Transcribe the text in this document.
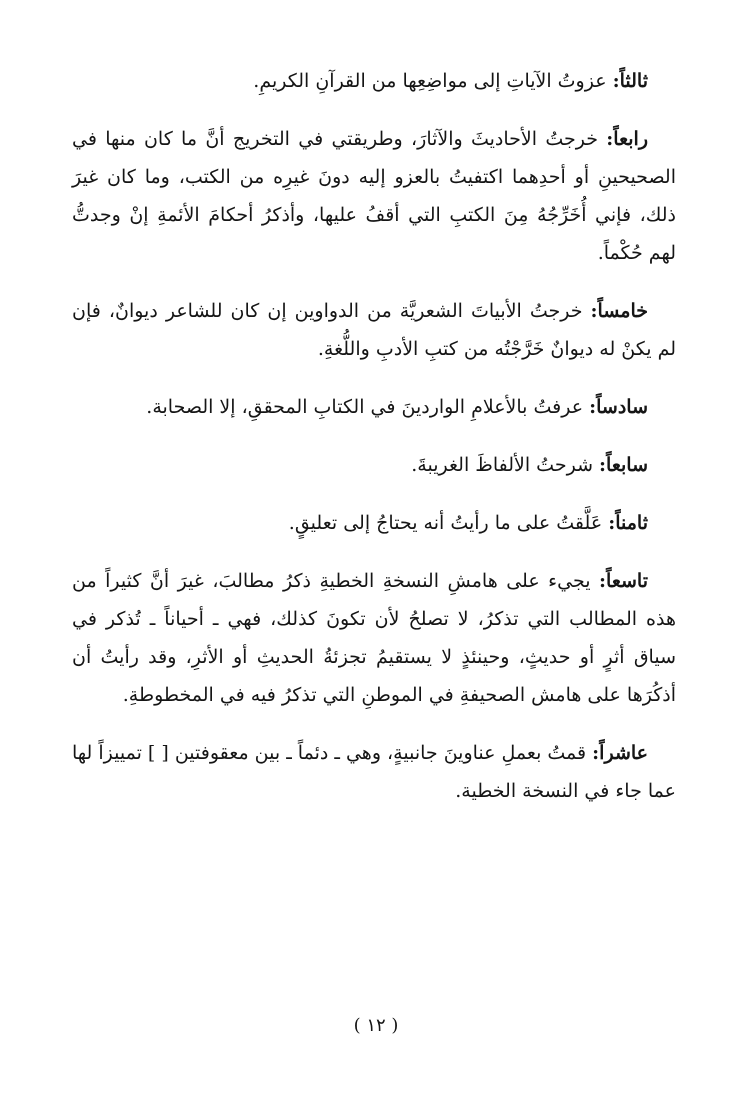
ثالثاً: عزوتُ الآياتِ إلى مواضِعِها من القرآنِ الكريمِ.

رابعاً: خرجتُ الأحاديثَ والآثارَ، وطريقتي في التخريج أنَّ ما كان منها في الصحيحينِ أو أحدِهما اكتفيتُ بالعزو إليه دونَ غيرِه من الكتب، وما كان غيرَ ذلك، فإني أُخَرِّجُهُ مِنَ الكتبِ التي أقفُ عليها، وأذكرُ أحكامَ الأئمةِ إنْ وجدتُّ لهم حُكْماً.

خامساً: خرجتُ الأبياتَ الشعريَّة من الدواوين إن كان للشاعر ديوانٌ، فإن لم يكنْ له ديوانٌ خَرَّجْتُه من كتبِ الأدبِ واللُّغةِ.

سادساً: عرفتُ بالأعلامِ الواردينَ في الكتابِ المحققِ، إلا الصحابة.

سابعاً: شرحتُ الألفاظَ الغريبةَ.

ثامناً: عَلَّقتُ على ما رأيتُ أنه يحتاجُ إلى تعليقٍ.

تاسعاً: يجيء على هامشِ النسخةِ الخطيةِ ذكرُ مطالبَ، غيرَ أنَّ كثيراً من هذه المطالب التي تذكرُ، لا تصلحُ لأن تكونَ كذلك، فهي ـ أحياناً ـ تُذكر في سياق أثرٍ أو حديثٍ، وحينئذٍ لا يستقيمُ تجزئةُ الحديثِ أو الأثرِ، وقد رأيتُ أن أذكُرَها على هامش الصحيفةِ في الموطنِ التي تذكرُ فيه في المخطوطةِ.

عاشراً: قمتُ بعملِ عناوينَ جانبيةٍ، وهي ـ دئماً ـ بين معقوفتين [ ] تمييزاً لها عما جاء في النسخة الخطية.

( ١٢ )
